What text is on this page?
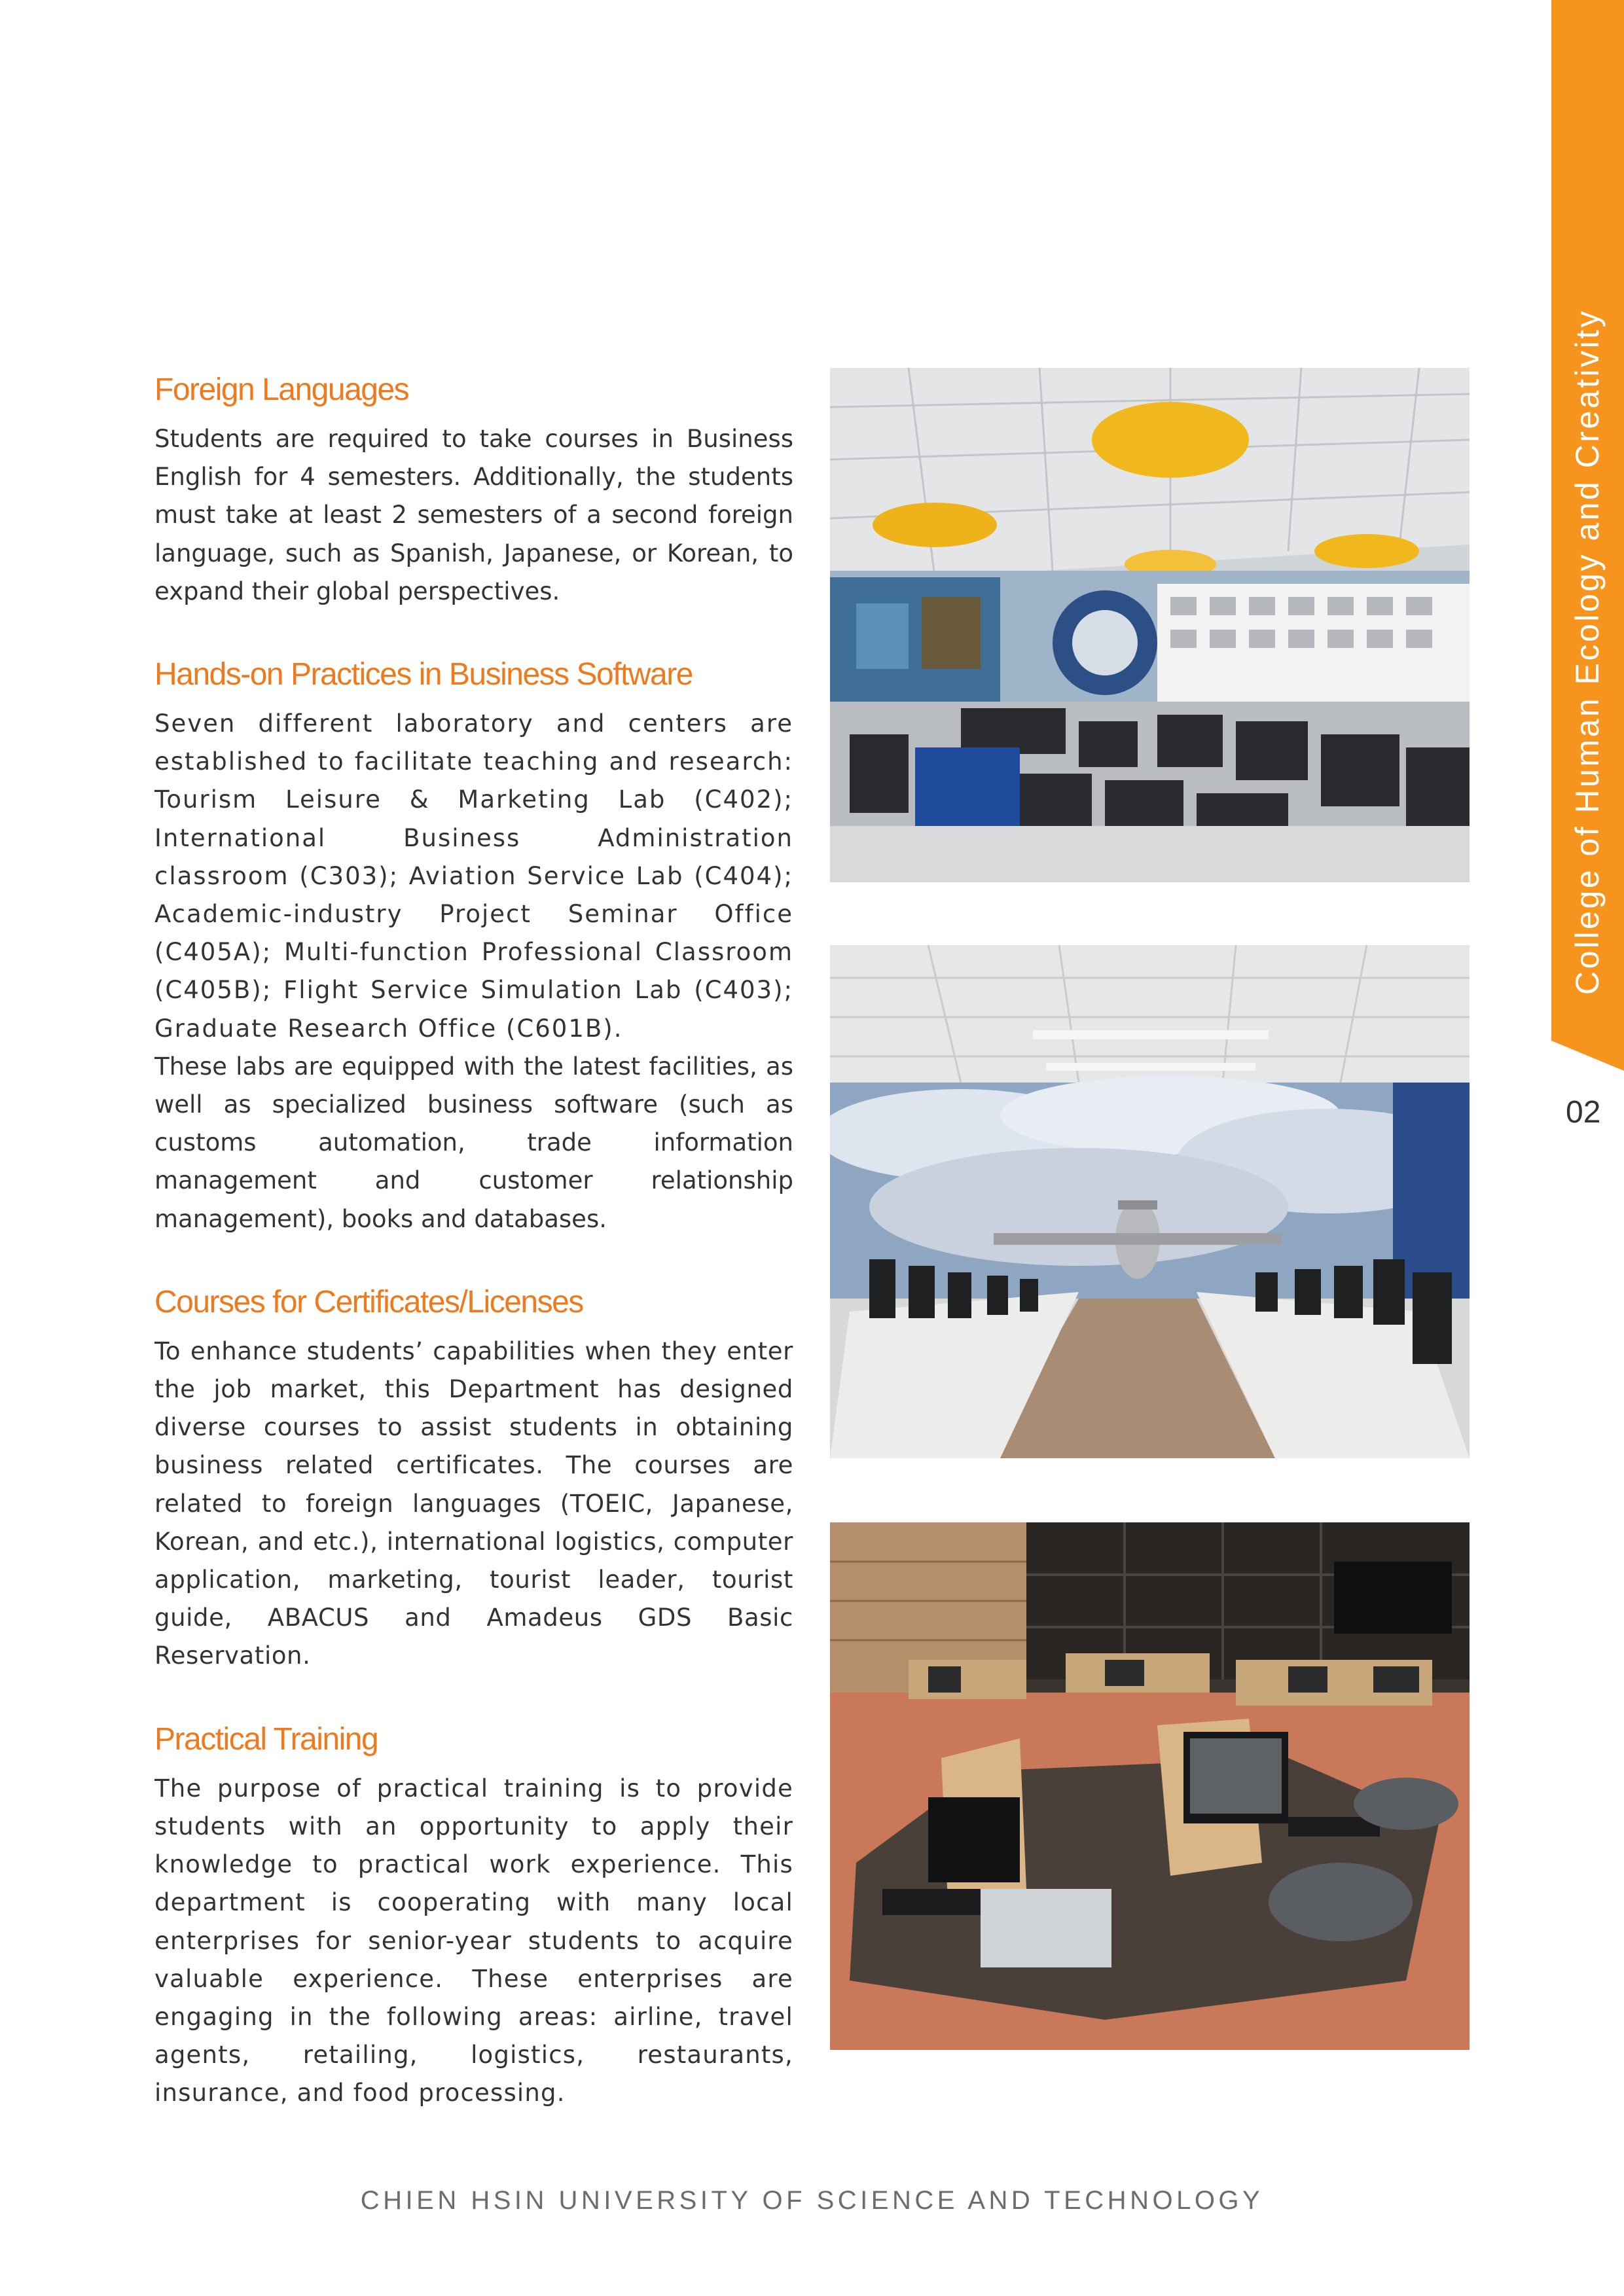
College of Human Ecology and Creativity
02
Foreign Languages

Students are required to take courses in Business English for 4 semesters. Additionally, the students must take at least 2 semesters of a second foreign language, such as Spanish, Japanese, or Korean, to expand their global perspectives.

Hands-on Practices in Business Software

Seven different laboratory and centers are established to facilitate teaching and research: Tourism Leisure & Marketing Lab (C402); International Business Administration classroom (C303); Aviation Service Lab (C404); Academic-industry Project Seminar Office (C405A); Multi-function Professional Classroom (C405B); Flight Service Simulation Lab (C403); Graduate Research Office (C601B).

These labs are equipped with the latest facilities, as well as specialized business software (such as customs automation, trade information management and customer relationship management), books and databases.

Courses for Certificates/Licenses

To enhance students’ capabilities when they enter the job market, this Department has designed diverse courses to assist students in obtaining business related certificates. The courses are related to foreign languages (TOEIC, Japanese, Korean, and etc.), international logistics, computer application, marketing, tourist leader, tourist guide, ABACUS and Amadeus GDS Basic Reservation.

Practical Training

The purpose of practical training is to provide students with an opportunity to apply their knowledge to practical work experience. This department is cooperating with many local enterprises for senior-year students to acquire valuable experience. These enterprises are engaging in the following areas: airline, travel agents, retailing, logistics, restaurants, insurance, and food processing.

CHIEN HSIN UNIVERSITY OF SCIENCE AND TECHNOLOGY
